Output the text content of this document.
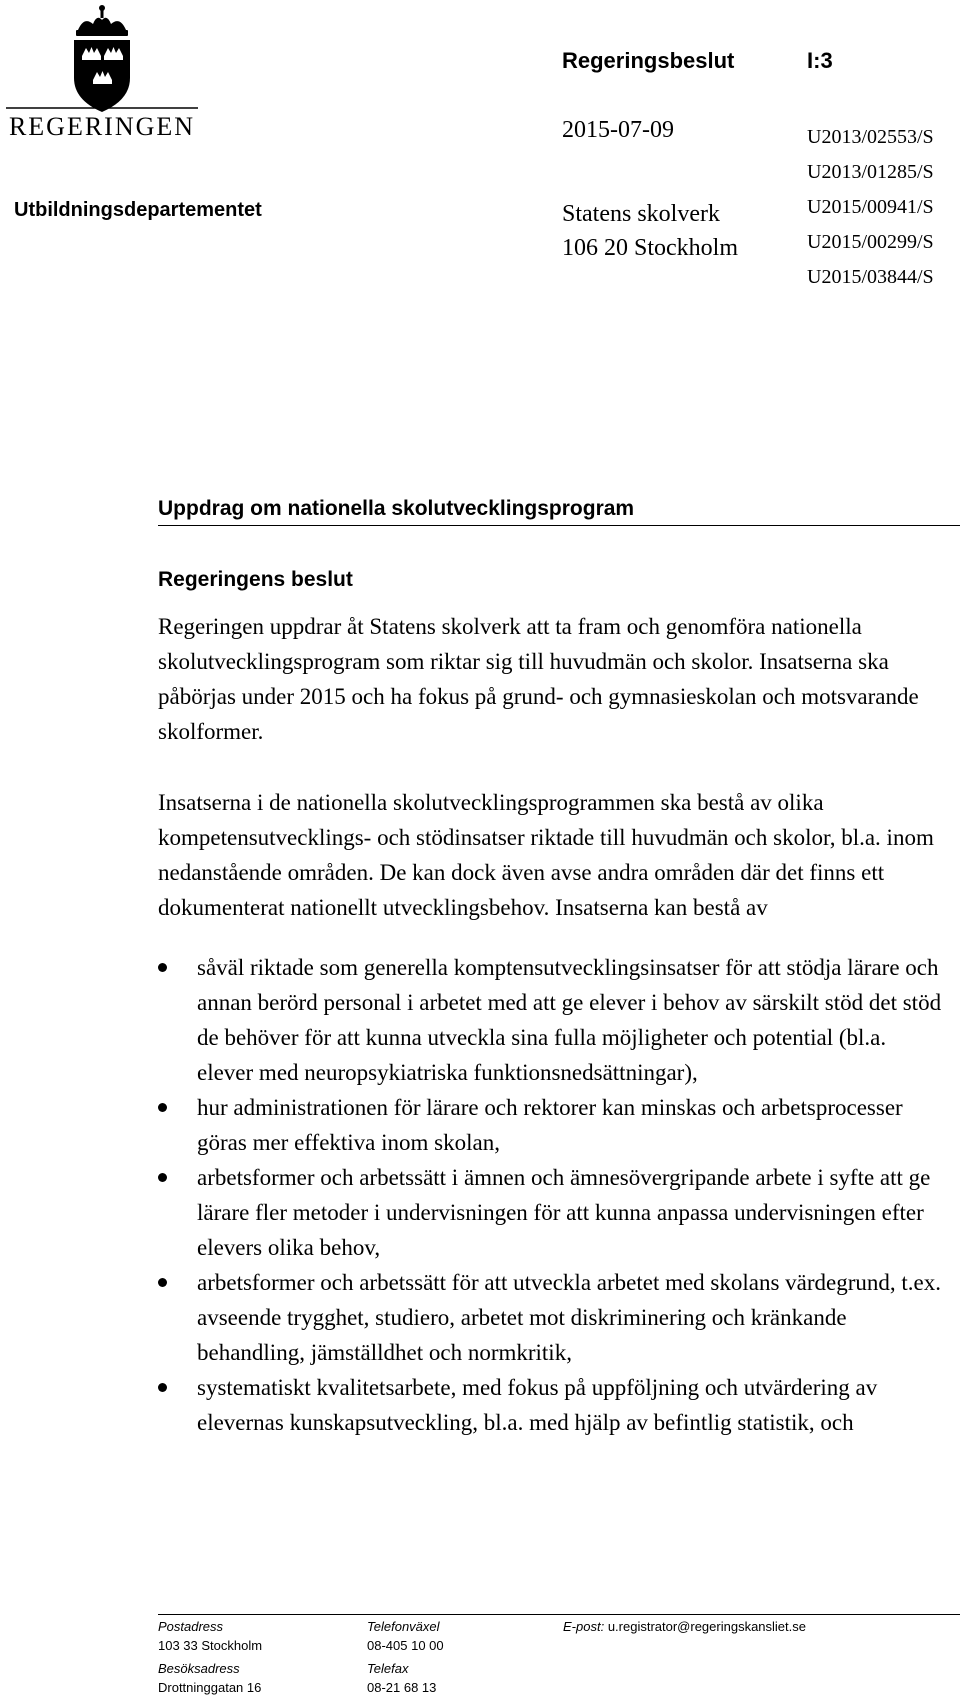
REGERINGEN
Regeringsbeslut	I:3
2015-07-09
Utbildningsdepartementet	Statens skolverk
106 20 Stockholm
U2013/02553/S
U2013/01285/S
U2015/00941/S
U2015/00299/S
U2015/03844/S
Uppdrag om nationella skolutvecklingsprogram
Regeringens beslut
Regeringen uppdrar åt Statens skolverk att ta fram och genomföra nationella skolutvecklingsprogram som riktar sig till huvudmän och skolor. Insatserna ska påbörjas under 2015 och ha fokus på grund- och gymnasieskolan och motsvarande skolformer.
Insatserna i de nationella skolutvecklingsprogrammen ska bestå av olika kompetensutvecklings- och stödinsatser riktade till huvudmän och skolor, bl.a. inom nedanstående områden. De kan dock även avse andra områden där det finns ett dokumenterat nationellt utvecklingsbehov. Insatserna kan bestå av
såväl riktade som generella komptensutvecklingsinsatser för att stödja lärare och annan berörd personal i arbetet med att ge elever i behov av särskilt stöd det stöd de behöver för att kunna utveckla sina fulla möjligheter och potential (bl.a. elever med neuropsykiatriska funktionsnedsättningar),
hur administrationen för lärare och rektorer kan minskas och arbetsprocesser göras mer effektiva inom skolan,
arbetsformer och arbetssätt i ämnen och ämnesövergripande arbete i syfte att ge lärare fler metoder i undervisningen för att kunna anpassa undervisningen efter elevers olika behov,
arbetsformer och arbetssätt för att utveckla arbetet med skolans värdegrund, t.ex. avseende trygghet, studiero, arbetet mot diskriminering och kränkande behandling, jämställdhet och normkritik,
systematiskt kvalitetsarbete, med fokus på uppföljning och utvärdering av elevernas kunskapsutveckling, bl.a. med hjälp av befintlig statistik, och
Postadress
103 33 Stockholm
Besöksadress
Drottninggatan 16
Telefonväxel
08-405 10 00
Telefax
08-21 68 13
E-post: u.registrator@regeringskansliet.se
